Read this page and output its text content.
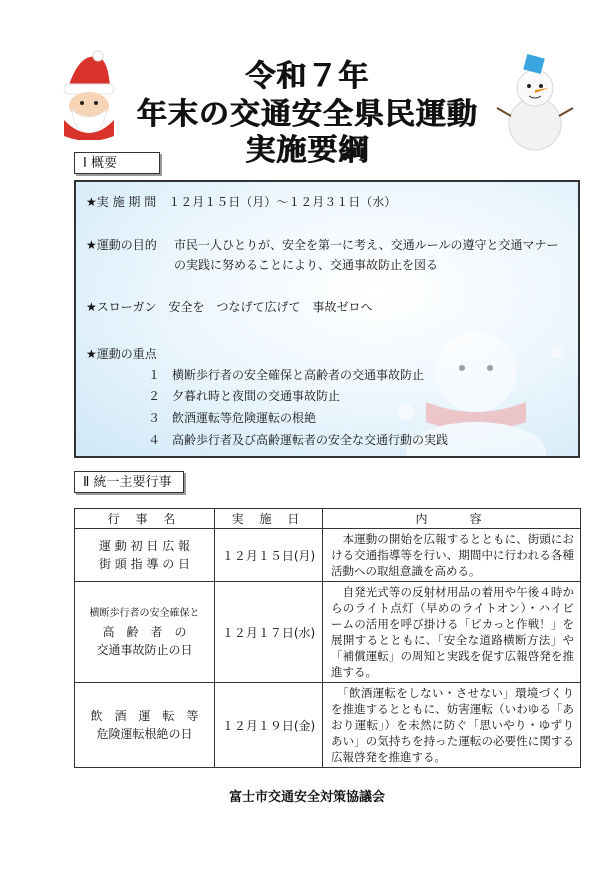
令和７年
年末の交通安全県民運動
実施要綱
Ⅰ 概要
★実 施 期 間　１２月１５日（月）～１２月３１日（水）
★運動の目的 市民一人ひとりが、安全を第一に考え、交通ルールの遵守と交通マナー
の実践に努めることにより、交通事故防止を図る
★スローガン　安全を　つなげて広げて　事故ゼロへ
★運動の重点
１　横断歩行者の安全確保と高齢者の交通事故防止
２　夕暮れ時と夜間の交通事故防止
３　飲酒運転等危険運転の根絶
４　高齢歩行者及び高齢運転者の安全な交通行動の実践
Ⅱ 統一主要行事
行 事 名	実 施 日	内　　容

運 動 初 日 広 報
街 頭 指 導 の 日	１２月１５日(月)	　本運動の開始を広報するとともに、街頭における交通指導等を行い、期間中に行われる各種活動への取組意識を高める。

横断歩行者の安全確保と
高　齢　者　の
交通事故防止の日	１２月１７日(水)	　自発光式等の反射材用品の着用や午後４時からのライト点灯（早めのライトオン）・ハイビームの活用を呼び掛ける「ピカっと作戦！」を展開するとともに、「安全な道路横断方法」や「補償運転」の周知と実践を促す広報啓発を推進する。

飲　酒　運　転　等
危険運転根絶の日	１２月１９日(金)	　「飲酒運転をしない・させない」環境づくりを推進するとともに、妨害運転（いわゆる「あおり運転」）を未然に防ぐ「思いやり・ゆずりあい」の気持ちを持った運転の必要性に関する広報啓発を推進する。
富士市交通安全対策協議会
